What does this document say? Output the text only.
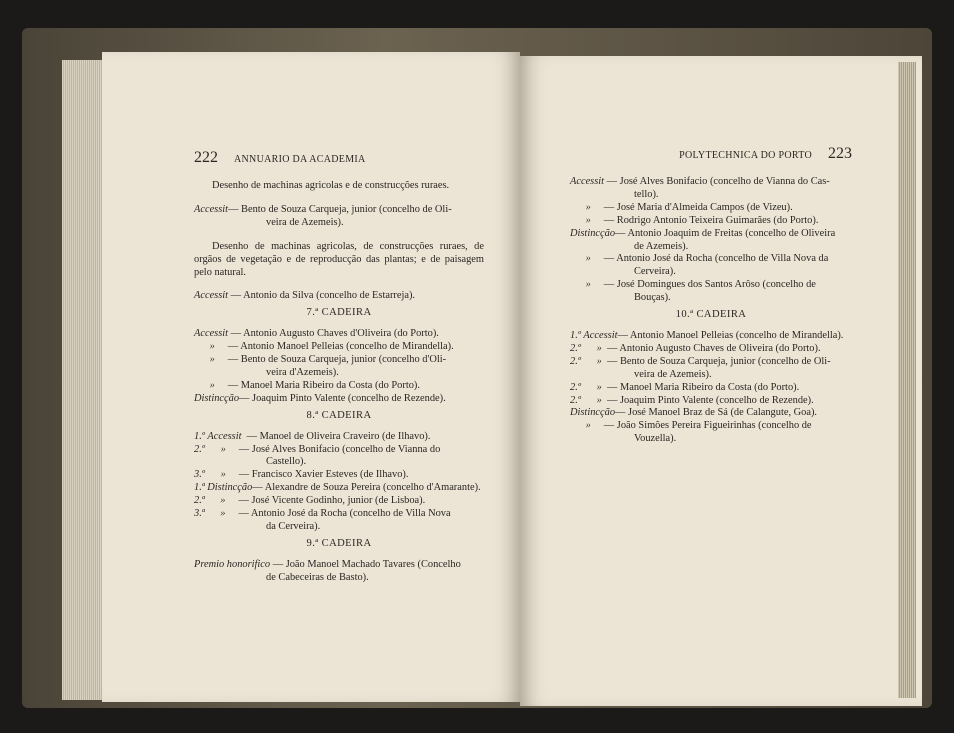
222 ANNUARIO DA ACADEMIA

Desenho de machinas agricolas e de construcções ruraes.

Accessit — Bento de Souza Carqueja, junior (concelho de Oli-
veira de Azemeis).

Desenho de machinas agricolas, de construcções ruraes, de orgãos de vegetação e de reproducção das plantas; e de paisagem pelo natural.

Accessit — Antonio da Silva (concelho de Estarreja).
7.ª CADEIRA
Accessit — Antonio Augusto Chaves d'Oliveira (do Porto).
» — Antonio Manoel Pelleias (concelho de Mirandella).
» — Bento de Souza Carqueja, junior (concelho d'Oli-
veira d'Azemeis).
» — Manoel Maria Ribeiro da Costa (do Porto).
Distincção — Joaquim Pinto Valente (concelho de Rezende).
8.ª CADEIRA
1.º Accessit — Manoel de Oliveira Craveiro (de Ilhavo).
2.º      » — José Alves Bonifacio (concelho de Vianna do
Castello).
3.º      » — Francisco Xavier Esteves (de Ilhavo).
1.ª Distincção — Alexandre de Souza Pereira (concelho d'Amarante).
2.ª      » — José Vicente Godinho, junior (de Lisboa).
3.ª      » — Antonio José da Rocha (concelho de Villa Nova
da Cerveira).
9.ª CADEIRA
Premio honorifico — João Manoel Machado Tavares (Concelho
de Cabeceiras de Basto).
POLYTECHNICA DO PORTO 223
Accessit — José Alves Bonifacio (concelho de Vianna do Cas-
tello).
» — José Maria d'Almeida Campos (de Vizeu).
» — Rodrigo Antonio Teixeira Guimarães (do Porto).
Distincção — Antonio Joaquim de Freitas (concelho de Oliveira
de Azemeis).
» — Antonio José da Rocha (concelho de Villa Nova da
Cerveira).
» — José Domingues dos Santos Arôso (concelho de
Bouças).
10.ª CADEIRA
1.º Accessit — Antonio Manoel Pelleias (concelho de Mirandella).
2.º      » — Antonio Augusto Chaves de Oliveira (do Porto).
2.º      » — Bento de Souza Carqueja, junior (concelho de Oli-
veira de Azemeis).
2.º      » — Manoel Maria Ribeiro da Costa (do Porto).
2.º      » — Joaquim Pinto Valente (concelho de Rezende).
Distincção — José Manoel Braz de Sá (de Calangute, Goa).
» — João Simões Pereira Figueirinhas (concelho de
Vouzella).
